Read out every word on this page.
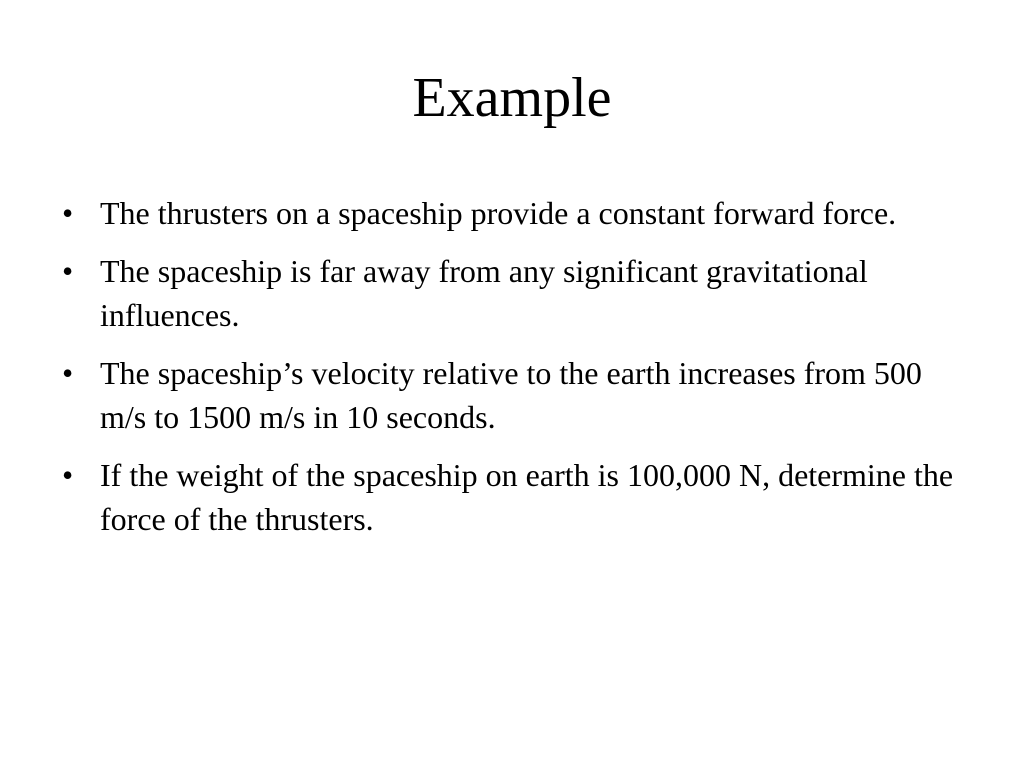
Example
• The thrusters on a spaceship provide a constant forward force.
• The spaceship is far away from any significant gravitational influences.
• The spaceship’s velocity relative to the earth increases from 500 m/s to 1500 m/s in 10 seconds.
• If the weight of the spaceship on earth is 100,000 N, determine the force of the thrusters.
